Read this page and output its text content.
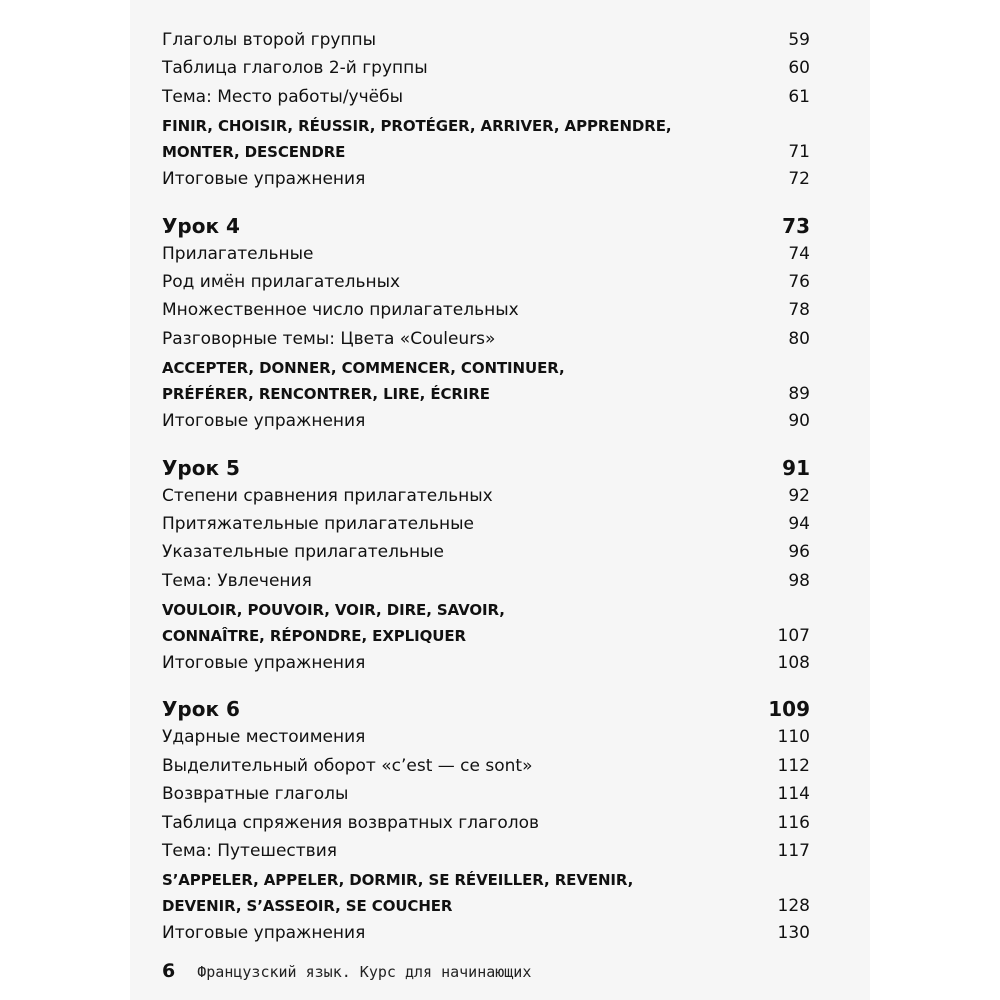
Глаголы второй группы	59
Таблица глаголов 2-й группы	60
Тема: Место работы/учёбы	61
FINIR, CHOISIR, RÉUSSIR, PROTÉGER, ARRIVER, APPRENDRE,
MONTER, DESCENDRE	71
Итоговые упражнения	72
Урок 4	73
Прилагательные	74
Род имён прилагательных	76
Множественное число прилагательных	78
Разговорные темы: Цвета «Couleurs»	80
ACCEPTER, DONNER, COMMENCER, CONTINUER,
PRÉFÉRER, RENCONTRER, LIRE, ÉCRIRE	89
Итоговые упражнения	90
Урок 5	91
Степени сравнения прилагательных	92
Притяжательные прилагательные	94
Указательные прилагательные	96
Тема: Увлечения	98
VOULOIR, POUVOIR, VOIR, DIRE, SAVOIR,
CONNAÎTRE, RÉPONDRE, EXPLIQUER	107
Итоговые упражнения	108
Урок 6	109
Ударные местоимения	110
Выделительный оборот «c’est — ce sont»	112
Возвратные глаголы	114
Таблица спряжения возвратных глаголов	116
Тема: Путешествия	117
S’APPELER, APPELER, DORMIR, SE RÉVEILLER, REVENIR,
DEVENIR, S’ASSEOIR, SE COUCHER	128
Итоговые упражнения	130
6 Французский язык. Курс для начинающих
